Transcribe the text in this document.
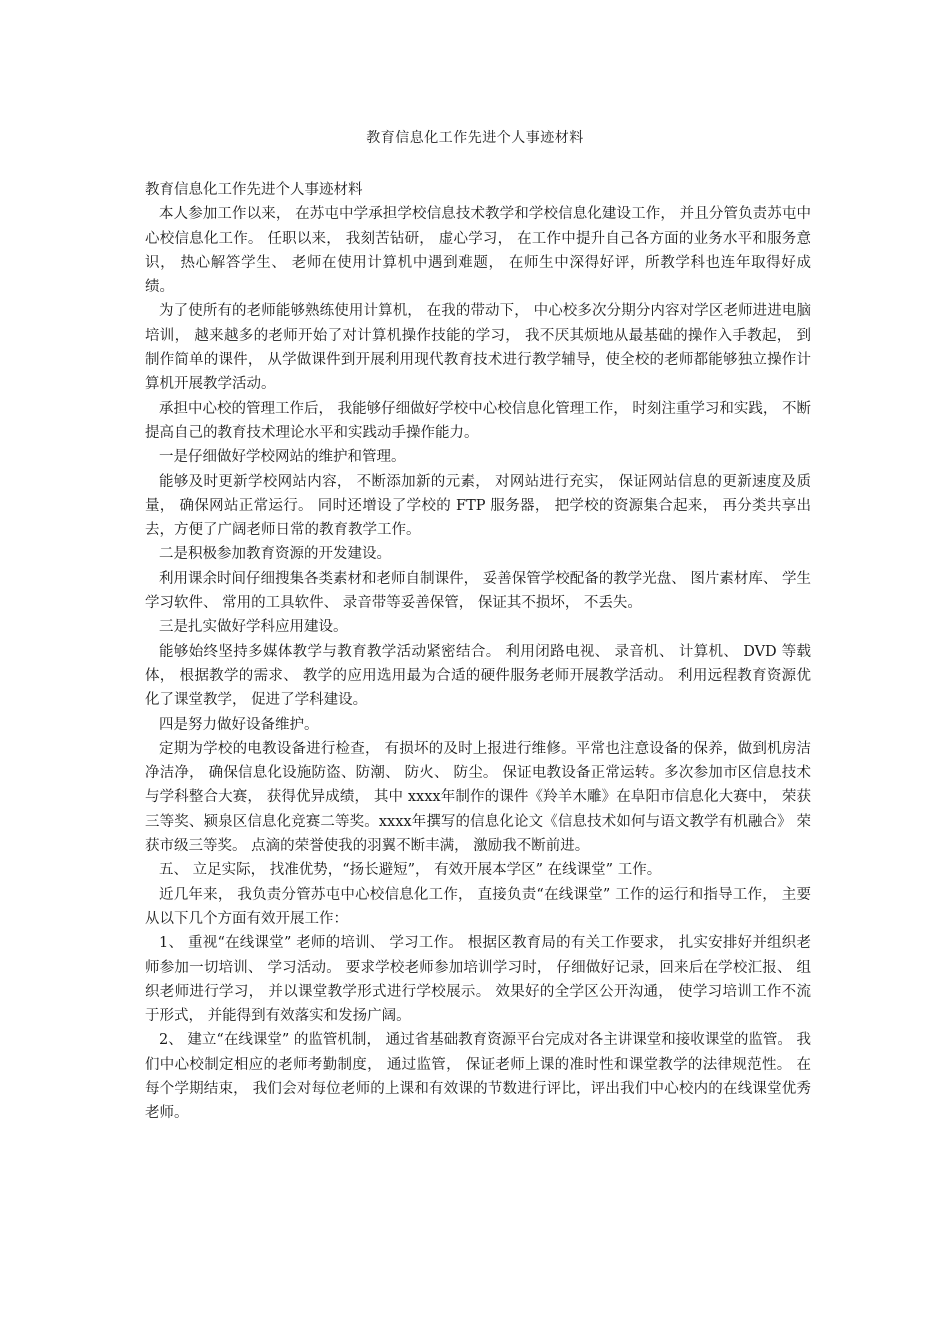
教育信息化工作先进个人事迹材料

教育信息化工作先进个人事迹材料

本人参加工作以来， 在苏屯中学承担学校信息技术教学和学校信息化建设工作， 并且分管负责苏屯中心校信息化工作。 任职以来， 我刻苦钻研， 虚心学习， 在工作中提升自己各方面的业务水平和服务意识， 热心解答学生、 老师在使用计算机中遇到难题， 在师生中深得好评，所教学科也连年取得好成绩。

为了使所有的老师能够熟练使用计算机， 在我的带动下， 中心校多次分期分内容对学区老师进进电脑培训， 越来越多的老师开始了对计算机操作技能的学习， 我不厌其烦地从最基础的操作入手教起， 到制作简单的课件， 从学做课件到开展利用现代教育技术进行教学辅导，使全校的老师都能够独立操作计算机开展教学活动。

承担中心校的管理工作后， 我能够仔细做好学校中心校信息化管理工作， 时刻注重学习和实践， 不断提高自己的教育技术理论水平和实践动手操作能力。

一是仔细做好学校网站的维护和管理。

能够及时更新学校网站内容， 不断添加新的元素， 对网站进行充实， 保证网站信息的更新速度及质量， 确保网站正常运行。 同时还增设了学校的 FTP 服务器， 把学校的资源集合起来， 再分类共享出去，方便了广阔老师日常的教育教学工作。

二是积极参加教育资源的开发建设。

利用课余时间仔细搜集各类素材和老师自制课件， 妥善保管学校配备的教学光盘、 图片素材库、 学生学习软件、 常用的工具软件、 录音带等妥善保管， 保证其不损坏， 不丢失。

三是扎实做好学科应用建设。

能够始终坚持多媒体教学与教育教学活动紧密结合。 利用闭路电视、 录音机、 计算机、 DVD 等载体， 根据教学的需求、 教学的应用选用最为合适的硬件服务老师开展教学活动。 利用远程教育资源优化了课堂教学， 促进了学科建设。

四是努力做好设备维护。

定期为学校的电教设备进行检查， 有损坏的及时上报进行维修。平常也注意设备的保养，做到机房洁净洁净， 确保信息化设施防盗、防潮、 防火、 防尘。 保证电教设备正常运转。多次参加市区信息技术与学科整合大赛， 获得优异成绩， 其中 xxxx年制作的课件《羚羊木雕》在阜阳市信息化大赛中， 荣获三等奖、颍泉区信息化竞赛二等奖。xxxx年撰写的信息化论文《信息技术如何与语文教学有机融合》 荣获市级三等奖。 点滴的荣誉使我的羽翼不断丰满， 激励我不断前进。

五、 立足实际， 找准优势，“扬长避短”， 有效开展本学区” 在线课堂” 工作。

近几年来， 我负责分管苏屯中心校信息化工作， 直接负责“在线课堂” 工作的运行和指导工作， 主要从以下几个方面有效开展工作：

1、 重视“在线课堂” 老师的培训、 学习工作。 根据区教育局的有关工作要求， 扎实安排好并组织老师参加一切培训、 学习活动。 要求学校老师参加培训学习时， 仔细做好记录，回来后在学校汇报、 组织老师进行学习， 并以课堂教学形式进行学校展示。 效果好的全学区公开沟通， 使学习培训工作不流于形式， 并能得到有效落实和发扬广阔。

2、 建立“在线课堂” 的监管机制， 通过省基础教育资源平台完成对各主讲课堂和接收课堂的监管。 我们中心校制定相应的老师考勤制度， 通过监管， 保证老师上课的准时性和课堂教学的法律规范性。 在每个学期结束， 我们会对每位老师的上课和有效课的节数进行评比，评出我们中心校内的在线课堂优秀老师。
